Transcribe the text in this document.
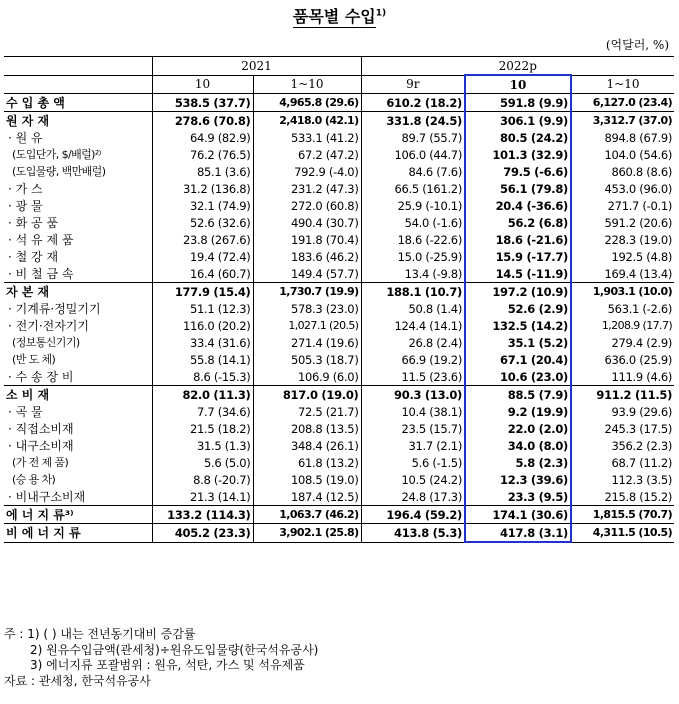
품목별 수입$^{1)}$
(억달러, %)
	2021		2022p		
	10	1~10	9r	10	1~10
수 입 총 액	538.5 (37.7)	4,965.8 (29.6)	610.2 (18.2)	591.8 (9.9)	6,127.0 (23.4)
원 자 재	278.6 (70.8)	2,418.0 (42.1)	331.8 (24.5)	306.1 (9.9)	3,312.7 (37.0)
· 원 유	64.9 (82.9)	533.1 (41.2)	89.7 (55.7)	80.5 (24.2)	894.8 (67.9)
(도입단가, $/배럴)²⁾	76.2 (76.5)	67.2 (47.2)	106.0 (44.7)	101.3 (32.9)	104.0 (54.6)
(도입물량, 백만배럴)	85.1 (3.6)	792.9 (-4.0)	84.6 (7.6)	79.5 (-6.6)	860.8 (8.6)
· 가 스	31.2 (136.8)	231.2 (47.3)	66.5 (161.2)	56.1 (79.8)	453.0 (96.0)
· 광 물	32.1 (74.9)	272.0 (60.8)	25.9 (-10.1)	20.4 (-36.6)	271.7 (-0.1)
· 화 공 품	52.6 (32.6)	490.4 (30.7)	54.0 (-1.6)	56.2 (6.8)	591.2 (20.6)
· 석 유 제 품	23.8 (267.6)	191.8 (70.4)	18.6 (-22.6)	18.6 (-21.6)	228.3 (19.0)
· 철 강 재	19.4 (72.4)	183.6 (46.2)	15.0 (-25.9)	15.9 (-17.7)	192.5 (4.8)
· 비 철 금 속	16.4 (60.7)	149.4 (57.7)	13.4 (-9.8)	14.5 (-11.9)	169.4 (13.4)
자 본 재	177.9 (15.4)	1,730.7 (19.9)	188.1 (10.7)	197.2 (10.9)	1,903.1 (10.0)
· 기계류·정밀기기	51.1 (12.3)	578.3 (23.0)	50.8 (1.4)	52.6 (2.9)	563.1 (-2.6)
· 전기·전자기기	116.0 (20.2)	1,027.1 (20.5)	124.4 (14.1)	132.5 (14.2)	1,208.9 (17.7)
(정보통신기기)	33.4 (31.6)	271.4 (19.6)	26.8 (2.4)	35.1 (5.2)	279.4 (2.9)
(반 도 체)	55.8 (14.1)	505.3 (18.7)	66.9 (19.2)	67.1 (20.4)	636.0 (25.9)
· 수 송 장 비	8.6 (-15.3)	106.9 (6.0)	11.5 (23.6)	10.6 (23.0)	111.9 (4.6)
소 비 재	82.0 (11.3)	817.0 (19.0)	90.3 (13.0)	88.5 (7.9)	911.2 (11.5)
· 곡 물	7.7 (34.6)	72.5 (21.7)	10.4 (38.1)	9.2 (19.9)	93.9 (29.6)
· 직접소비재	21.5 (18.2)	208.8 (13.5)	23.5 (15.7)	22.0 (2.0)	245.3 (17.5)
· 내구소비재	31.5 (1.3)	348.4 (26.1)	31.7 (2.1)	34.0 (8.0)	356.2 (2.3)
(가 전 제 품)	5.6 (5.0)	61.8 (13.2)	5.6 (-1.5)	5.8 (2.3)	68.7 (11.2)
(승 용 차)	8.8 (-20.7)	108.5 (19.0)	10.5 (24.2)	12.3 (39.6)	112.3 (3.5)
· 비내구소비재	21.3 (14.1)	187.4 (12.5)	24.8 (17.3)	23.3 (9.5)	215.8 (15.2)
에 너 지 류³⁾	133.2 (114.3)	1,063.7 (46.2)	196.4 (59.2)	174.1 (30.6)	1,815.5 (70.7)
비 에 너 지 류	405.2 (23.3)	3,902.1 (25.8)	413.8 (5.3)	417.8 (3.1)	4,311.5 (10.5)
주 : 1) ( ) 내는 전년동기대비 증감률
2) 원유수입금액(관세청)÷원유도입물량(한국석유공사)
3) 에너지류 포괄범위 : 원유, 석탄, 가스 및 석유제품
자료 : 관세청, 한국석유공사
